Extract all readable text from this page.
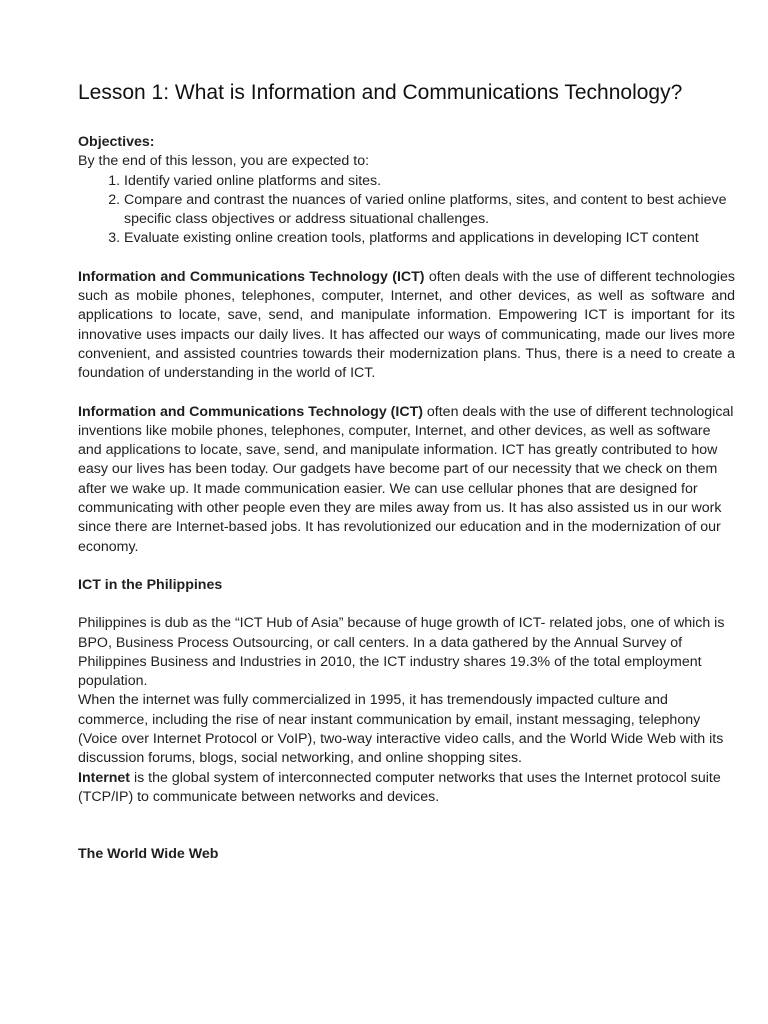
Lesson 1: What is Information and Communications Technology?
Objectives:
By the end of this lesson, you are expected to:
1. Identify varied online platforms and sites.
2. Compare and contrast the nuances of varied online platforms, sites, and content to best achieve specific class objectives or address situational challenges.
3. Evaluate existing online creation tools, platforms and applications in developing ICT content

Information and Communications Technology (ICT) often deals with the use of different technologies such as mobile phones, telephones, computer, Internet, and other devices, as well as software and applications to locate, save, send, and manipulate information. Empowering ICT is important for its innovative uses impacts our daily lives. It has affected our ways of communicating, made our lives more convenient, and assisted countries towards their modernization plans. Thus, there is a need to create a foundation of understanding in the world of ICT.

Information and Communications Technology (ICT) often deals with the use of different technological inventions like mobile phones, telephones, computer, Internet, and other devices, as well as software and applications to locate, save, send, and manipulate information. ICT has greatly contributed to how easy our lives has been today. Our gadgets have become part of our necessity that we check on them after we wake up. It made communication easier. We can use cellular phones that are designed for communicating with other people even they are miles away from us. It has also assisted us in our work since there are Internet-based jobs. It has revolutionized our education and in the modernization of our economy.

ICT in the Philippines

Philippines is dub as the “ICT Hub of Asia” because of huge growth of ICT- related jobs, one of which is BPO, Business Process Outsourcing, or call centers. In a data gathered by the Annual Survey of Philippines Business and Industries in 2010, the ICT industry shares 19.3% of the total employment population.

When the internet was fully commercialized in 1995, it has tremendously impacted culture and commerce, including the rise of near instant communication by email, instant messaging, telephony (Voice over Internet Protocol or VoIP), two-way interactive video calls, and the World Wide Web with its discussion forums, blogs, social networking, and online shopping sites.

Internet is the global system of interconnected computer networks that uses the Internet protocol suite (TCP/IP) to communicate between networks and devices.

The World Wide Web
